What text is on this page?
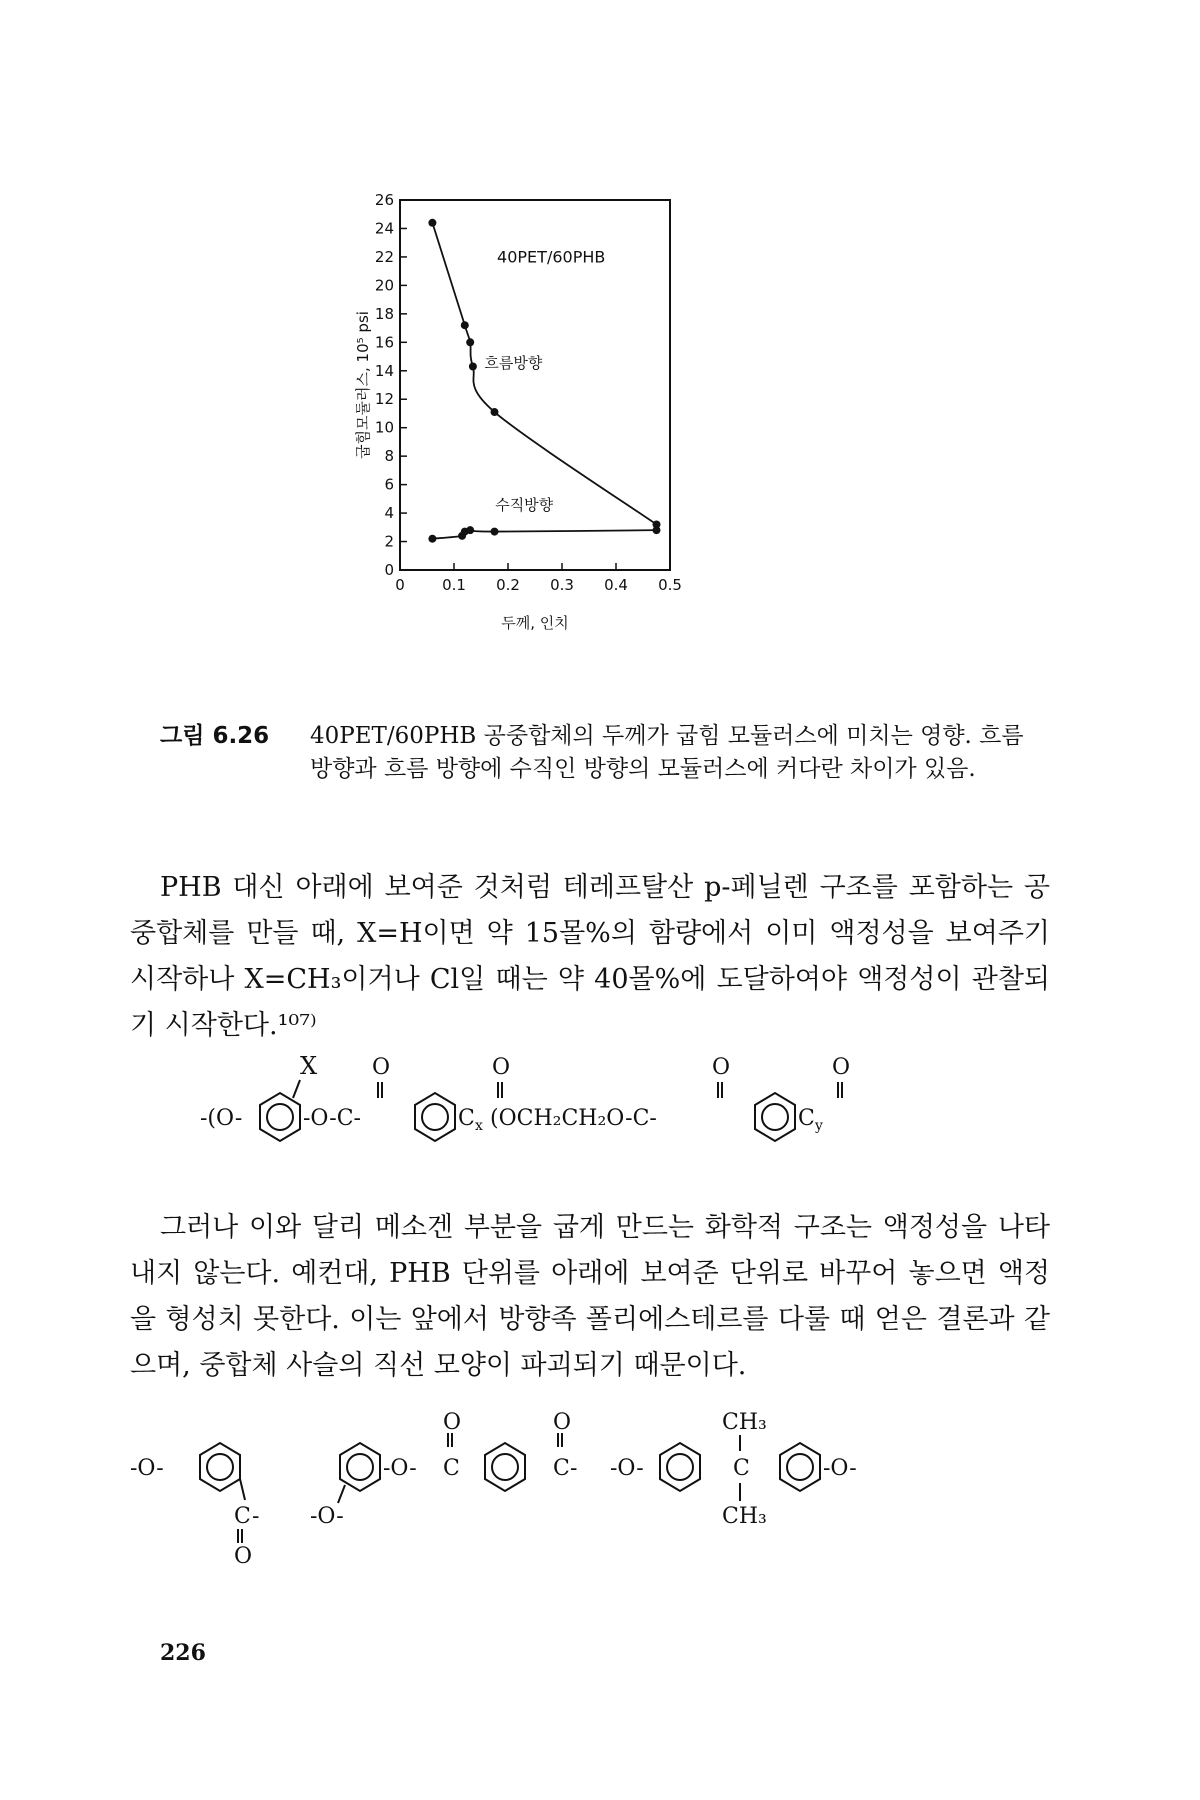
0 0.1 0.2 0.3 0.4 0.5
0
2
4
6
8
10
12
14
16
18
20
22
24
26
두께, 인치
굽힘모듈러스, 10⁵ psi
40PET/60PHB
흐름방향
수직방향
그림 6.26 40PET/60PHB 공중합체의 두께가 굽힘 모듈러스에 미치는 영향. 흐름 방향과 흐름 방향에 수직인 방향의 모듈러스에 커다란 차이가 있음.
PHB 대신 아래에 보여준 것처럼 테레프탈산 p-페닐렌 구조를 포함하는 공중합체를 만들 때, X=H이면 약 15몰%의 함량에서 이미 액정성을 보여주기 시작하나 X=CH₃이거나 Cl일 때는 약 40몰%에 도달하여야 액정성이 관찰되기 시작한다.¹⁰⁷⁾
X O	O	O	O
-(O-	-O-C-	C x (OCH₂CH₂O-C-	C y
그러나 이와 달리 메소겐 부분을 굽게 만드는 화학적 구조는 액정성을 나타내지 않는다. 예컨대, PHB 단위를 아래에 보여준 단위로 바꾸어 놓으면 액정을 형성치 못한다. 이는 앞에서 방향족 폴리에스테르를 다룰 때 얻은 결론과 같으며, 중합체 사슬의 직선 모양이 파괴되기 때문이다.
-O-
C -
O
-O-
-O- C
O
C -
O
-O-	C
CH₃
CH₃
-O-
226
